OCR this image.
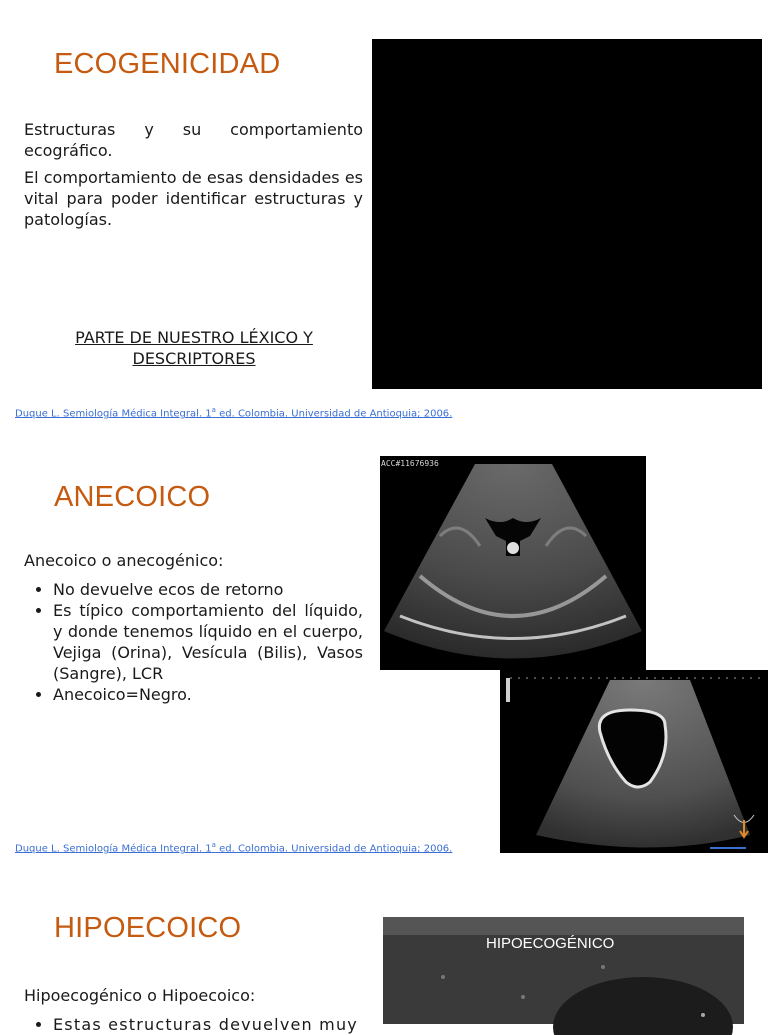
ECOGENICIDAD

Estructuras y su comportamiento ecográfico.

El comportamiento de esas densidades es vital para poder identificar estructuras y patologías.

PARTE DE NUESTRO LÉXICO Y DESCRIPTORES
Duque L. Semiología Médica Integral. 1$^a$ ed. Colombia. Universidad de Antioquia; 2006.
ANECOICO

Anecoico o anecogénico:

• No devuelve ecos de retorno
• Es típico comportamiento del líquido, y donde tenemos líquido en el cuerpo, Vejiga (Orina), Vesícula (Bilis), Vasos (Sangre), LCR
• Anecoico=Negro.
ACC#11676936
Duque L. Semiología Médica Integral. 1$^a$ ed. Colombia. Universidad de Antioquia; 2006.
HIPOECOICO

Hipoecogénico o Hipoecoico:

• Estas estructuras devuelven muy
HIPOECOGÉNICO
